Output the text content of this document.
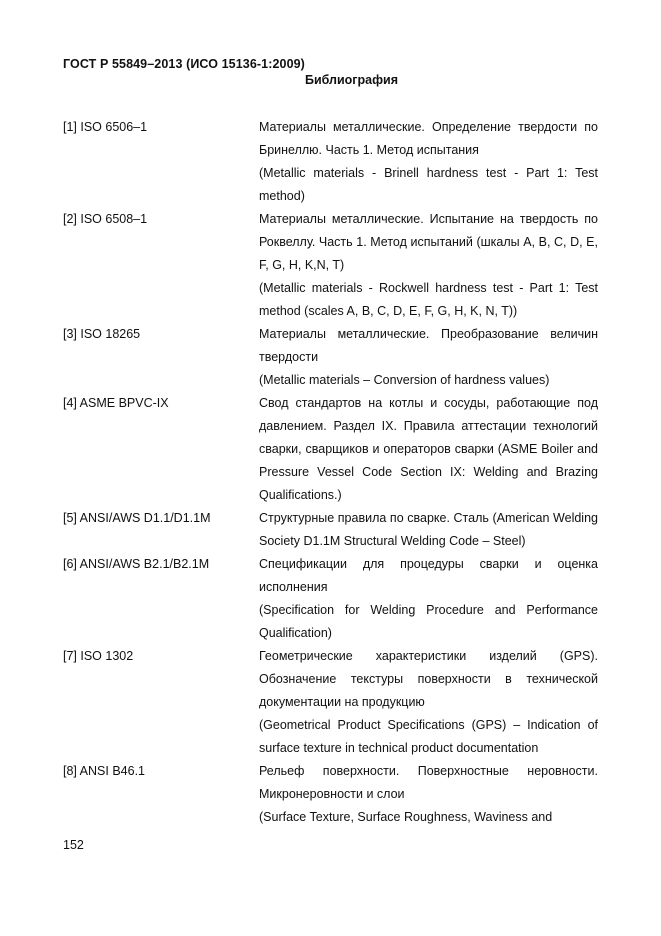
ГОСТ Р 55849–2013 (ИСО 15136-1:2009)
Библиография
[1] ISO 6506–1	Материалы металлические. Определение твердости по Бринеллю. Часть 1. Метод испытания

(Metallic materials - Brinell hardness test - Part 1: Test method)

[2] ISO 6508–1	Материалы металлические. Испытание на твердость по Роквеллу. Часть 1. Метод испытаний (шкалы A, B, C, D, E, F, G, H, K,N, T)

(Metallic materials - Rockwell hardness test - Part 1: Test method (scales A, B, C, D, E, F, G, H, K, N, T))

[3] ISO 18265	Материалы металлические. Преобразование величин твердости

(Metallic materials – Conversion of hardness values)

[4] ASME BPVC-IX	Свод стандартов на котлы и сосуды, работающие под давлением. Раздел IX. Правила аттестации технологий сварки, сварщиков и операторов сварки (ASME Boiler and Pressure Vessel Code Section IX: Welding and Brazing Qualifications.)

[5] ANSI/AWS D1.1/D1.1M	Структурные правила по сварке. Сталь (American Welding Society D1.1M Structural Welding Code – Steel)

[6] ANSI/AWS B2.1/B2.1M	Спецификации для процедуры сварки и оценка исполнения

(Specification for Welding Procedure and Performance Qualification)

[7] ISO 1302	Геометрические характеристики изделий (GPS). Обозначение текстуры поверхности в технической документации на продукцию

(Geometrical Product Specifications (GPS) – Indication of surface texture in technical product documentation

[8] ANSI B46.1	Рельеф поверхности. Поверхностные неровности. Микронеровности и слои

(Surface Texture, Surface Roughness, Waviness and

152
